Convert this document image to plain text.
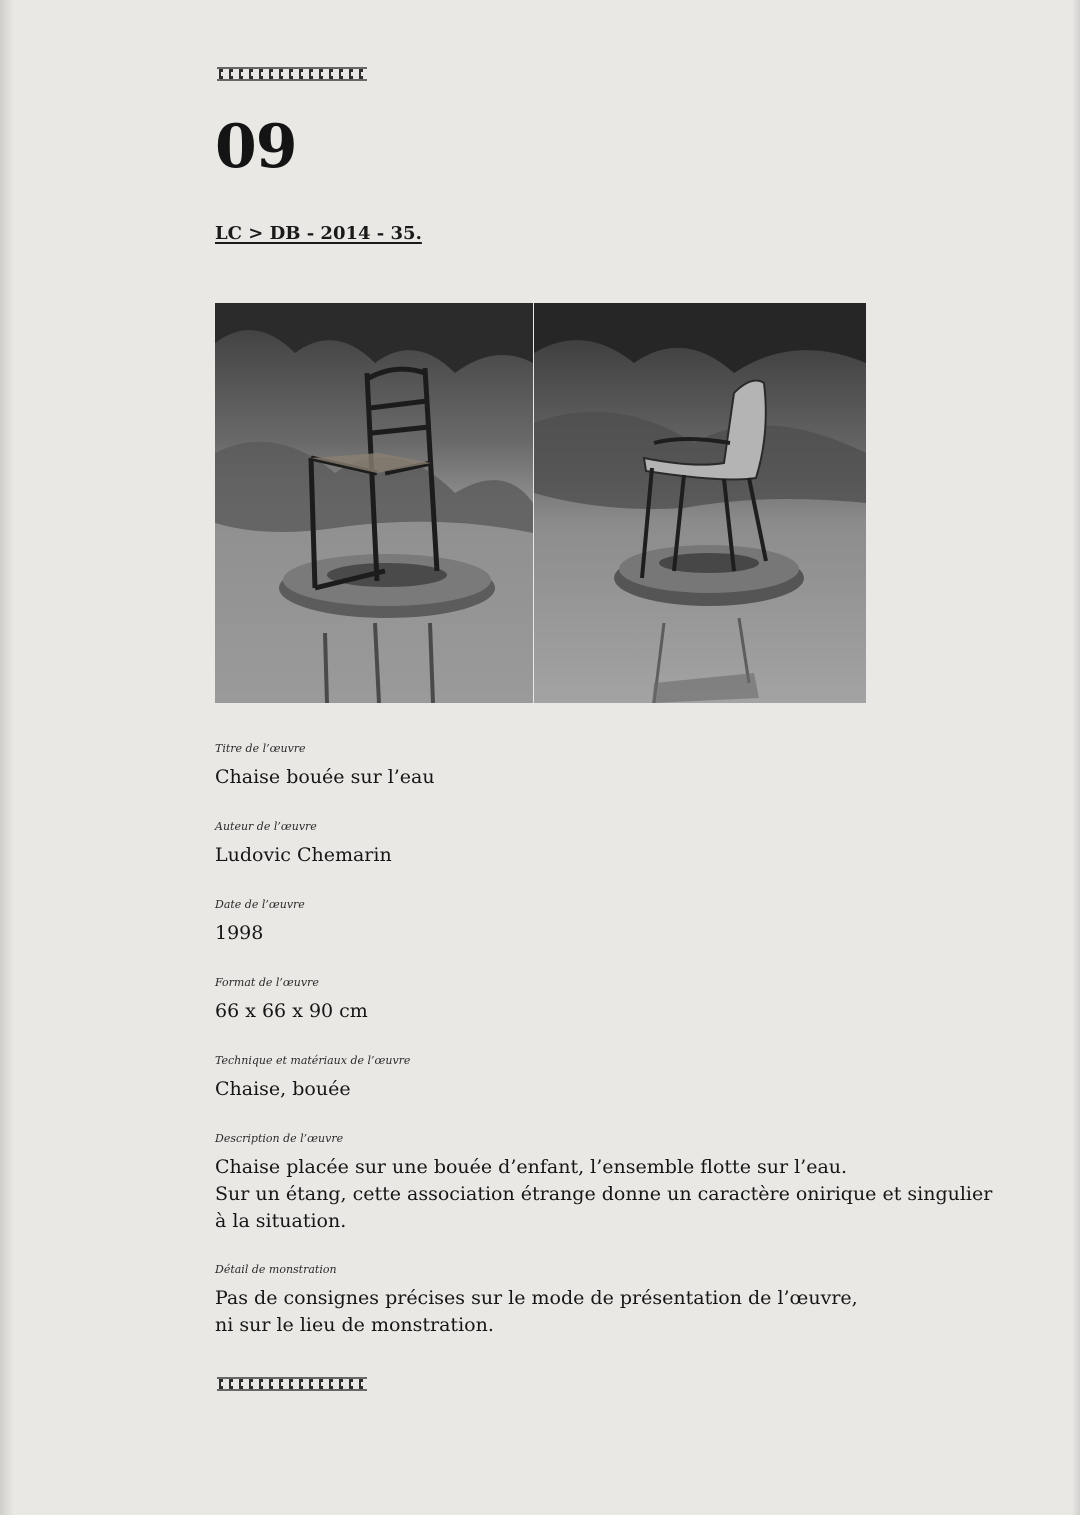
09
LC > DB - 2014 - 35.
Titre de l’œuvre
Chaise bouée sur l’eau
Auteur de l’œuvre
Ludovic Chemarin
Date de l’œuvre
1998
Format de l’œuvre
66 x 66 x 90 cm
Technique et matériaux de l’œuvre
Chaise, bouée
Description de l’œuvre
Chaise placée sur une bouée d’enfant, l’ensemble flotte sur l’eau.
Sur un étang, cette association étrange donne un caractère onirique et singulier
à la situation.
Détail de monstration
Pas de consignes précises sur le mode de présentation de l’œuvre,
ni sur le lieu de monstration.
